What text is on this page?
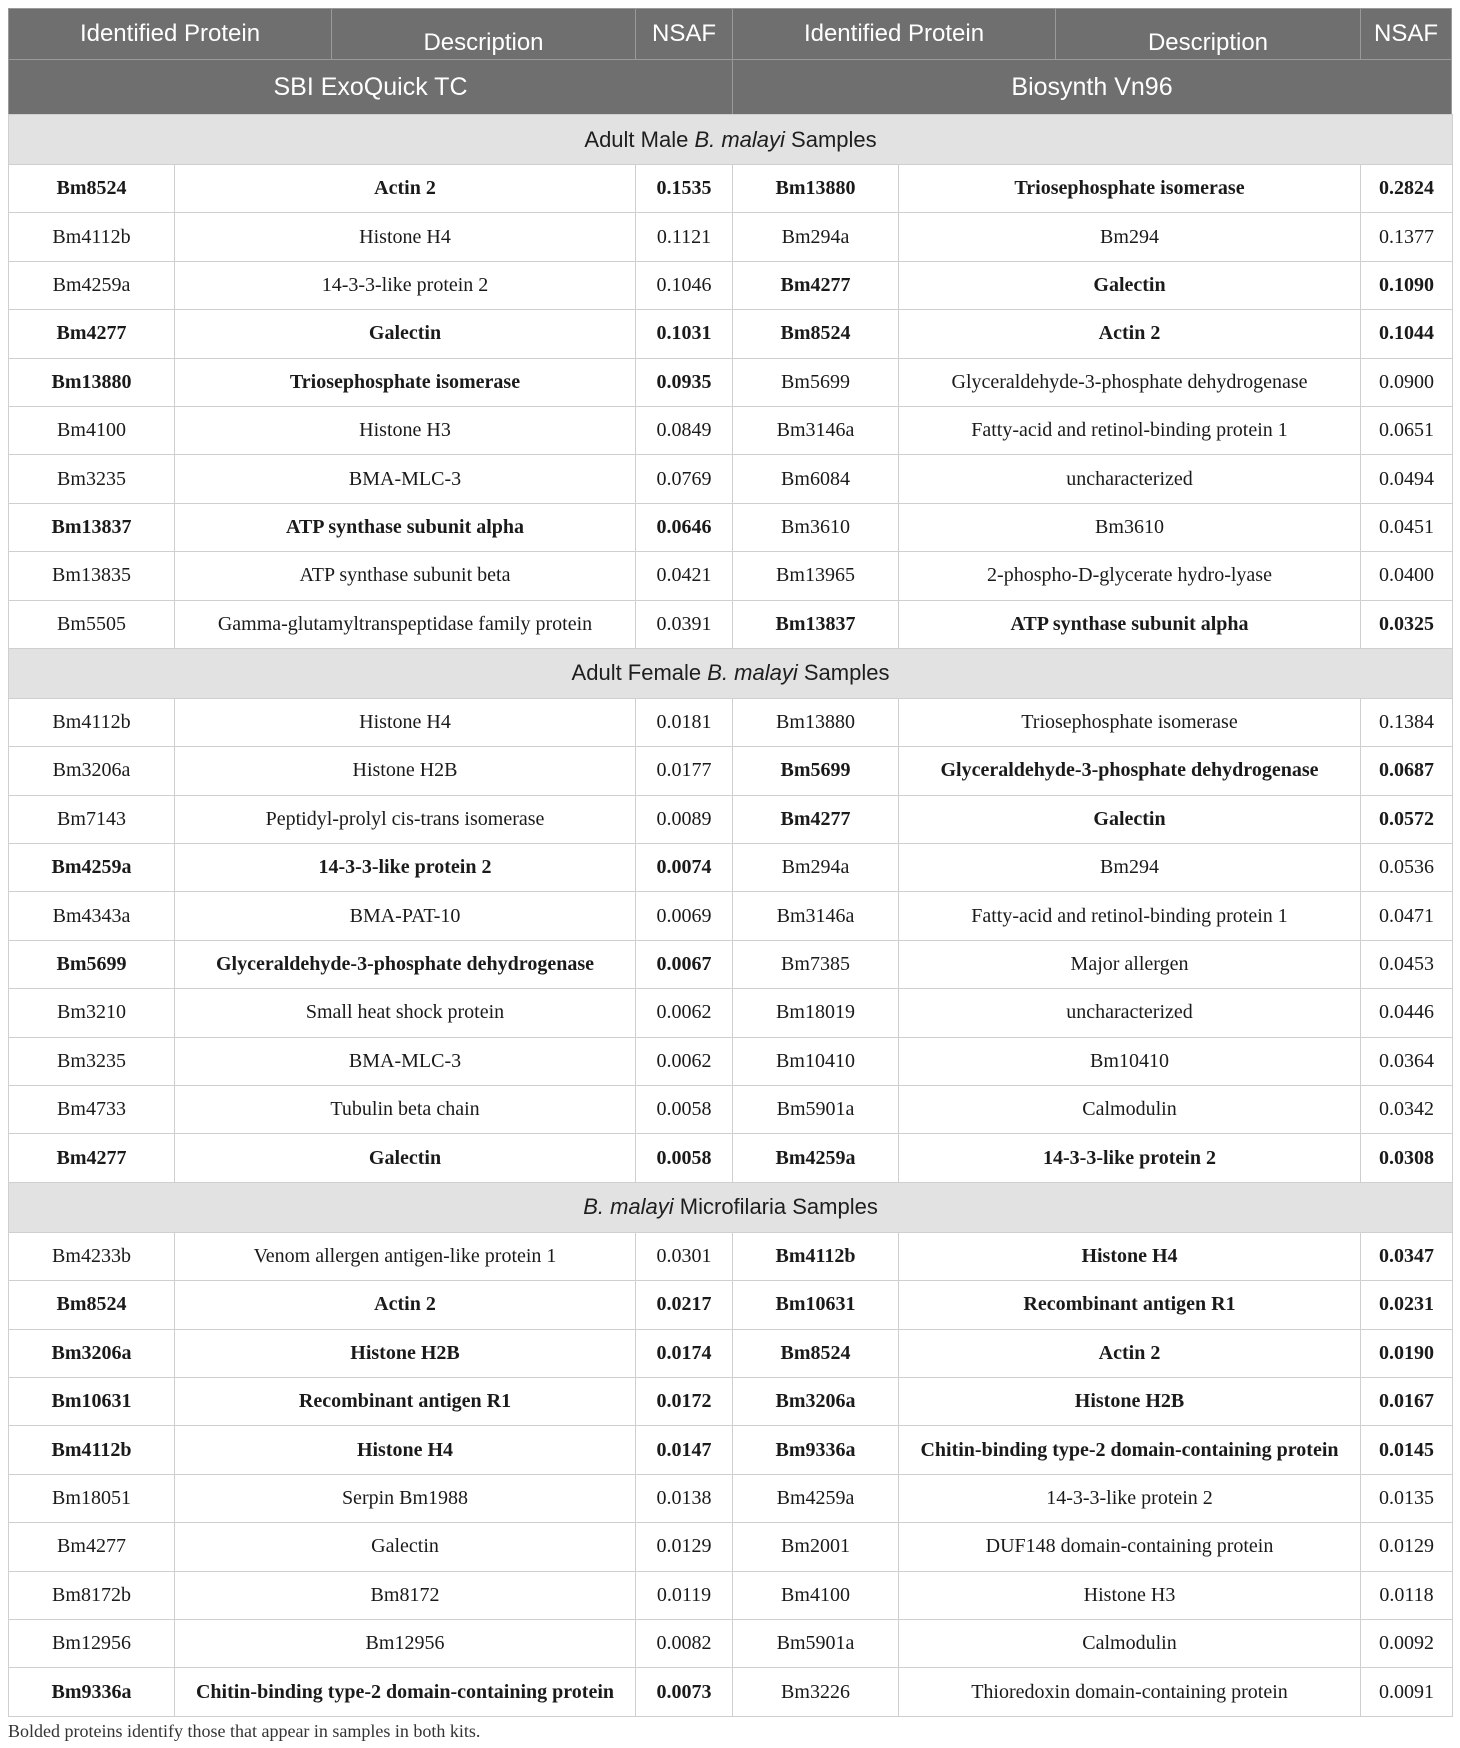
Identified Protein	Description	NSAF	Identified Protein	Description	NSAF
SBI ExoQuick TC	Biosynth Vn96
Adult Male B. malayi Samples					
Bm8524	Actin 2	0.1535	Bm13880	Triosephosphate isomerase	0.2824
Bm4112b	Histone H4	0.1121	Bm294a	Bm294	0.1377
Bm4259a	14-3-3-like protein 2	0.1046	Bm4277	Galectin	0.1090
Bm4277	Galectin	0.1031	Bm8524	Actin 2	0.1044
Bm13880	Triosephosphate isomerase	0.0935	Bm5699	Glyceraldehyde-3-phosphate dehydrogenase	0.0900
Bm4100	Histone H3	0.0849	Bm3146a	Fatty-acid and retinol-binding protein 1	0.0651
Bm3235	BMA-MLC-3	0.0769	Bm6084	uncharacterized	0.0494
Bm13837	ATP synthase subunit alpha	0.0646	Bm3610	Bm3610	0.0451
Bm13835	ATP synthase subunit beta	0.0421	Bm13965	2-phospho-D-glycerate hydro-lyase	0.0400
Bm5505	Gamma-glutamyltranspeptidase family protein	0.0391	Bm13837	ATP synthase subunit alpha	0.0325
Adult Female B. malayi Samples					
Bm4112b	Histone H4	0.0181	Bm13880	Triosephosphate isomerase	0.1384
Bm3206a	Histone H2B	0.0177	Bm5699	Glyceraldehyde-3-phosphate dehydrogenase	0.0687
Bm7143	Peptidyl-prolyl cis-trans isomerase	0.0089	Bm4277	Galectin	0.0572
Bm4259a	14-3-3-like protein 2	0.0074	Bm294a	Bm294	0.0536
Bm4343a	BMA-PAT-10	0.0069	Bm3146a	Fatty-acid and retinol-binding protein 1	0.0471
Bm5699	Glyceraldehyde-3-phosphate dehydrogenase	0.0067	Bm7385	Major allergen	0.0453
Bm3210	Small heat shock protein	0.0062	Bm18019	uncharacterized	0.0446
Bm3235	BMA-MLC-3	0.0062	Bm10410	Bm10410	0.0364
Bm4733	Tubulin beta chain	0.0058	Bm5901a	Calmodulin	0.0342
Bm4277	Galectin	0.0058	Bm4259a	14-3-3-like protein 2	0.0308
B. malayi Microfilaria Samples					
Bm4233b	Venom allergen antigen-like protein 1	0.0301	Bm4112b	Histone H4	0.0347
Bm8524	Actin 2	0.0217	Bm10631	Recombinant antigen R1	0.0231
Bm3206a	Histone H2B	0.0174	Bm8524	Actin 2	0.0190
Bm10631	Recombinant antigen R1	0.0172	Bm3206a	Histone H2B	0.0167
Bm4112b	Histone H4	0.0147	Bm9336a	Chitin-binding type-2 domain-containing protein	0.0145
Bm18051	Serpin Bm1988	0.0138	Bm4259a	14-3-3-like protein 2	0.0135
Bm4277	Galectin	0.0129	Bm2001	DUF148 domain-containing protein	0.0129
Bm8172b	Bm8172	0.0119	Bm4100	Histone H3	0.0118
Bm12956	Bm12956	0.0082	Bm5901a	Calmodulin	0.0092
Bm9336a	Chitin-binding type-2 domain-containing protein	0.0073	Bm3226	Thioredoxin domain-containing protein	0.0091
Bolded proteins identify those that appear in samples in both kits.
